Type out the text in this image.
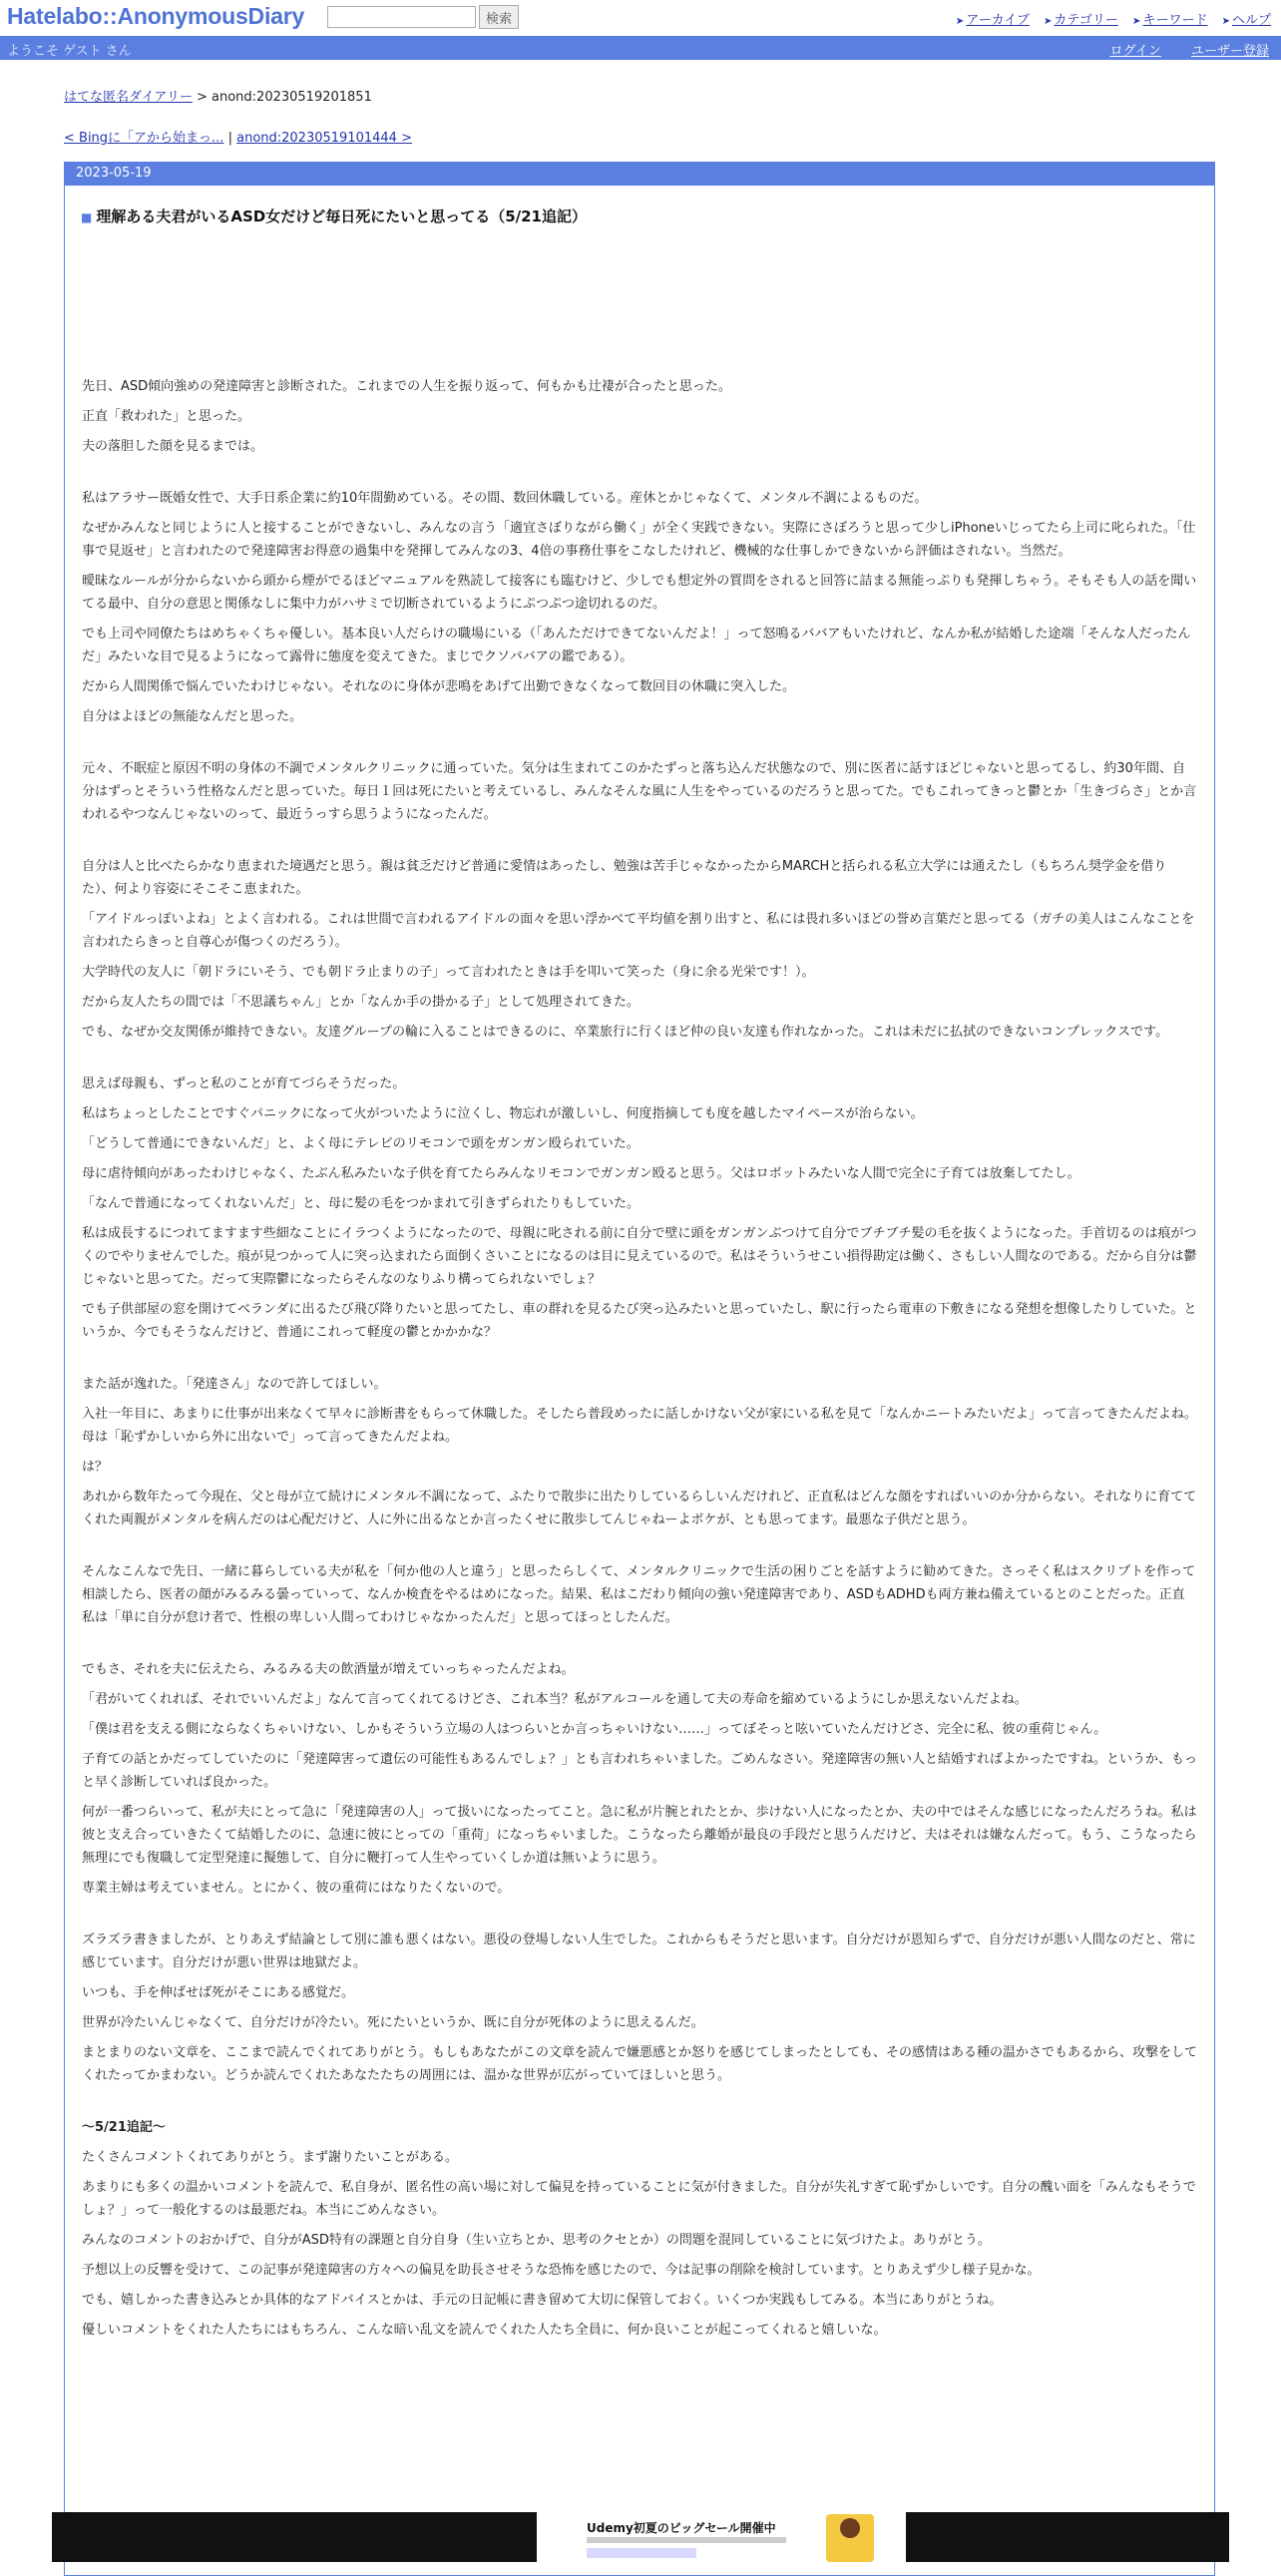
Hatelabo::AnonymousDiary	検索	➤ アーカイブ ➤ カテゴリー ➤ キーワード ➤ ヘルプ
ようこそ ゲスト さん	ログイン ユーザー登録
はてな匿名ダイアリー > anond:20230519201851
< Bingに「アから始まっ... | anond:20230519101444 >
2023-05-19
■ 理解ある夫君がいるASD女だけど毎日死にたいと思ってる（5/21追記）

先日、ASD傾向強めの発達障害と診断された。これまでの人生を振り返って、何もかも辻褄が合ったと思った。

正直「救われた」と思った。

夫の落胆した顔を見るまでは。

私はアラサー既婚女性で、大手日系企業に約10年間勤めている。その間、数回休職している。産休とかじゃなくて、メンタル不調によるものだ。

なぜかみんなと同じように人と接することができないし、みんなの言う「適宜さぼりながら働く」が全く実践できない。実際にさぼろうと思って少しiPhoneいじってたら上司に叱られた。「仕事で見返せ」と言われたので発達障害お得意の過集中を発揮してみんなの3、4倍の事務仕事をこなしたけれど、機械的な仕事しかできないから評価はされない。当然だ。

曖昧なルールが分からないから頭から煙がでるほどマニュアルを熟読して接客にも臨むけど、少しでも想定外の質問をされると回答に詰まる無能っぷりも発揮しちゃう。そもそも人の話を聞いてる最中、自分の意思と関係なしに集中力がハサミで切断されているようにぷつぷつ途切れるのだ。

でも上司や同僚たちはめちゃくちゃ優しい。基本良い人だらけの職場にいる（「あんただけできてないんだよ！」って怒鳴るババアもいたけれど、なんか私が結婚した途端「そんな人だったんだ」みたいな目で見るようになって露骨に態度を変えてきた。まじでクソババアの鑑である）。

だから人間関係で悩んでいたわけじゃない。それなのに身体が悲鳴をあげて出勤できなくなって数回目の休職に突入した。

自分はよほどの無能なんだと思った。

元々、不眠症と原因不明の身体の不調でメンタルクリニックに通っていた。気分は生まれてこのかたずっと落ち込んだ状態なので、別に医者に話すほどじゃないと思ってるし、約30年間、自分はずっとそういう性格なんだと思っていた。毎日１回は死にたいと考えているし、みんなそんな風に人生をやっているのだろうと思ってた。でもこれってきっと鬱とか「生きづらさ」とか言われるやつなんじゃないのって、最近うっすら思うようになったんだ。

自分は人と比べたらかなり恵まれた境遇だと思う。親は貧乏だけど普通に愛情はあったし、勉強は苦手じゃなかったからMARCHと括られる私立大学には通えたし（もちろん奨学金を借りた）、何より容姿にそこそこ恵まれた。

「アイドルっぽいよね」とよく言われる。これは世間で言われるアイドルの面々を思い浮かべて平均値を割り出すと、私には畏れ多いほどの誉め言葉だと思ってる（ガチの美人はこんなことを言われたらきっと自尊心が傷つくのだろう）。

大学時代の友人に「朝ドラにいそう、でも朝ドラ止まりの子」って言われたときは手を叩いて笑った（身に余る光栄です！）。

だから友人たちの間では「不思議ちゃん」とか「なんか手の掛かる子」として処理されてきた。

でも、なぜか交友関係が維持できない。友達グループの輪に入ることはできるのに、卒業旅行に行くほど仲の良い友達も作れなかった。これは未だに払拭のできないコンプレックスです。

思えば母親も、ずっと私のことが育てづらそうだった。

私はちょっとしたことですぐパニックになって火がついたように泣くし、物忘れが激しいし、何度指摘しても度を越したマイペースが治らない。

「どうして普通にできないんだ」と、よく母にテレビのリモコンで頭をガンガン殴られていた。

母に虐待傾向があったわけじゃなく、たぶん私みたいな子供を育てたらみんなリモコンでガンガン殴ると思う。父はロボットみたいな人間で完全に子育ては放棄してたし。

「なんで普通になってくれないんだ」と、母に髪の毛をつかまれて引きずられたりもしていた。

私は成長するにつれてますます些細なことにイラつくようになったので、母親に叱される前に自分で壁に頭をガンガンぶつけて自分でブチブチ髪の毛を抜くようになった。手首切るのは痕がつくのでやりませんでした。痕が見つかって人に突っ込まれたら面倒くさいことになるのは目に見えているので。私はそういうせこい損得勘定は働く、さもしい人間なのである。だから自分は鬱じゃないと思ってた。だって実際鬱になったらそんなのなりふり構ってられないでしょ？

でも子供部屋の窓を開けてベランダに出るたび飛び降りたいと思ってたし、車の群れを見るたび突っ込みたいと思っていたし、駅に行ったら電車の下敷きになる発想を想像したりしていた。というか、今でもそうなんだけど、普通にこれって軽度の鬱とかかかな？

また話が逸れた。「発達さん」なので許してほしい。

入社一年目に、あまりに仕事が出来なくて早々に診断書をもらって休職した。そしたら普段めったに話しかけない父が家にいる私を見て「なんかニートみたいだよ」って言ってきたんだよね。母は「恥ずかしいから外に出ないで」って言ってきたんだよね。

は？

あれから数年たって今現在、父と母が立て続けにメンタル不調になって、ふたりで散歩に出たりしているらしいんだけれど、正直私はどんな顔をすればいいのか分からない。それなりに育ててくれた両親がメンタルを病んだのは心配だけど、人に外に出るなとか言ったくせに散歩してんじゃねーよボケが、とも思ってます。最悪な子供だと思う。

そんなこんなで先日、一緒に暮らしている夫が私を「何か他の人と違う」と思ったらしくて、メンタルクリニックで生活の困りごとを話すように勧めてきた。さっそく私はスクリプトを作って相談したら、医者の顔がみるみる曇っていって、なんか検査をやるはめになった。結果、私はこだわり傾向の強い発達障害であり、ASDもADHDも両方兼ね備えているとのことだった。正直私は「単に自分が怠け者で、性根の卑しい人間ってわけじゃなかったんだ」と思ってほっとしたんだ。

でもさ、それを夫に伝えたら、みるみる夫の飲酒量が増えていっちゃったんだよね。

「君がいてくれれば、それでいいんだよ」なんて言ってくれてるけどさ、これ本当？私がアルコールを通して夫の寿命を縮めているようにしか思えないんだよね。

「僕は君を支える側にならなくちゃいけない、しかもそういう立場の人はつらいとか言っちゃいけない……」ってぼそっと呟いていたんだけどさ、完全に私、彼の重荷じゃん。

子育ての話とかだってしていたのに「発達障害って遺伝の可能性もあるんでしょ？」とも言われちゃいました。ごめんなさい。発達障害の無い人と結婚すればよかったですね。というか、もっと早く診断していれば良かった。

何が一番つらいって、私が夫にとって急に「発達障害の人」って扱いになったってこと。急に私が片腕とれたとか、歩けない人になったとか、夫の中ではそんな感じになったんだろうね。私は彼と支え合っていきたくて結婚したのに、急速に彼にとっての「重荷」になっちゃいました。こうなったら離婚が最良の手段だと思うんだけど、夫はそれは嫌なんだって。もう、こうなったら無理にでも復職して定型発達に擬態して、自分に鞭打って人生やっていくしか道は無いように思う。

専業主婦は考えていません。とにかく、彼の重荷にはなりたくないので。

ズラズラ書きましたが、とりあえず結論として別に誰も悪くはない。悪役の登場しない人生でした。これからもそうだと思います。自分だけが恩知らずで、自分だけが悪い人間なのだと、常に感じています。自分だけが悪い世界は地獄だよ。

いつも、手を伸ばせば死がそこにある感覚だ。

世界が冷たいんじゃなくて、自分だけが冷たい。死にたいというか、既に自分が死体のように思えるんだ。

まとまりのない文章を、ここまで読んでくれてありがとう。もしもあなたがこの文章を読んで嫌悪感とか怒りを感じてしまったとしても、その感情はある種の温かさでもあるから、攻撃をしてくれたってかまわない。どうか読んでくれたあなたたちの周囲には、温かな世界が広がっていてほしいと思う。

～5/21追記～

たくさんコメントくれてありがとう。まず謝りたいことがある。

あまりにも多くの温かいコメントを読んで、私自身が、匿名性の高い場に対して偏見を持っていることに気が付きました。自分が失礼すぎて恥ずかしいです。自分の醜い面を「みんなもそうでしょ？」って一般化するのは最悪だね。本当にごめんなさい。

みんなのコメントのおかげで、自分がASD特有の課題と自分自身（生い立ちとか、思考のクセとか）の問題を混同していることに気づけたよ。ありがとう。

予想以上の反響を受けて、この記事が発達障害の方々への偏見を助長させそうな恐怖を感じたので、今は記事の削除を検討しています。とりあえず少し様子見かな。

でも、嬉しかった書き込みとか具体的なアドバイスとかは、手元の日記帳に書き留めて大切に保管しておく。いくつか実践もしてみる。本当にありがとうね。

優しいコメントをくれた人たちにはもちろん、こんな暗い乱文を読んでくれた人たち全員に、何か良いことが起こってくれると嬉しいな。

Udemy初夏のビッグセール開催中
